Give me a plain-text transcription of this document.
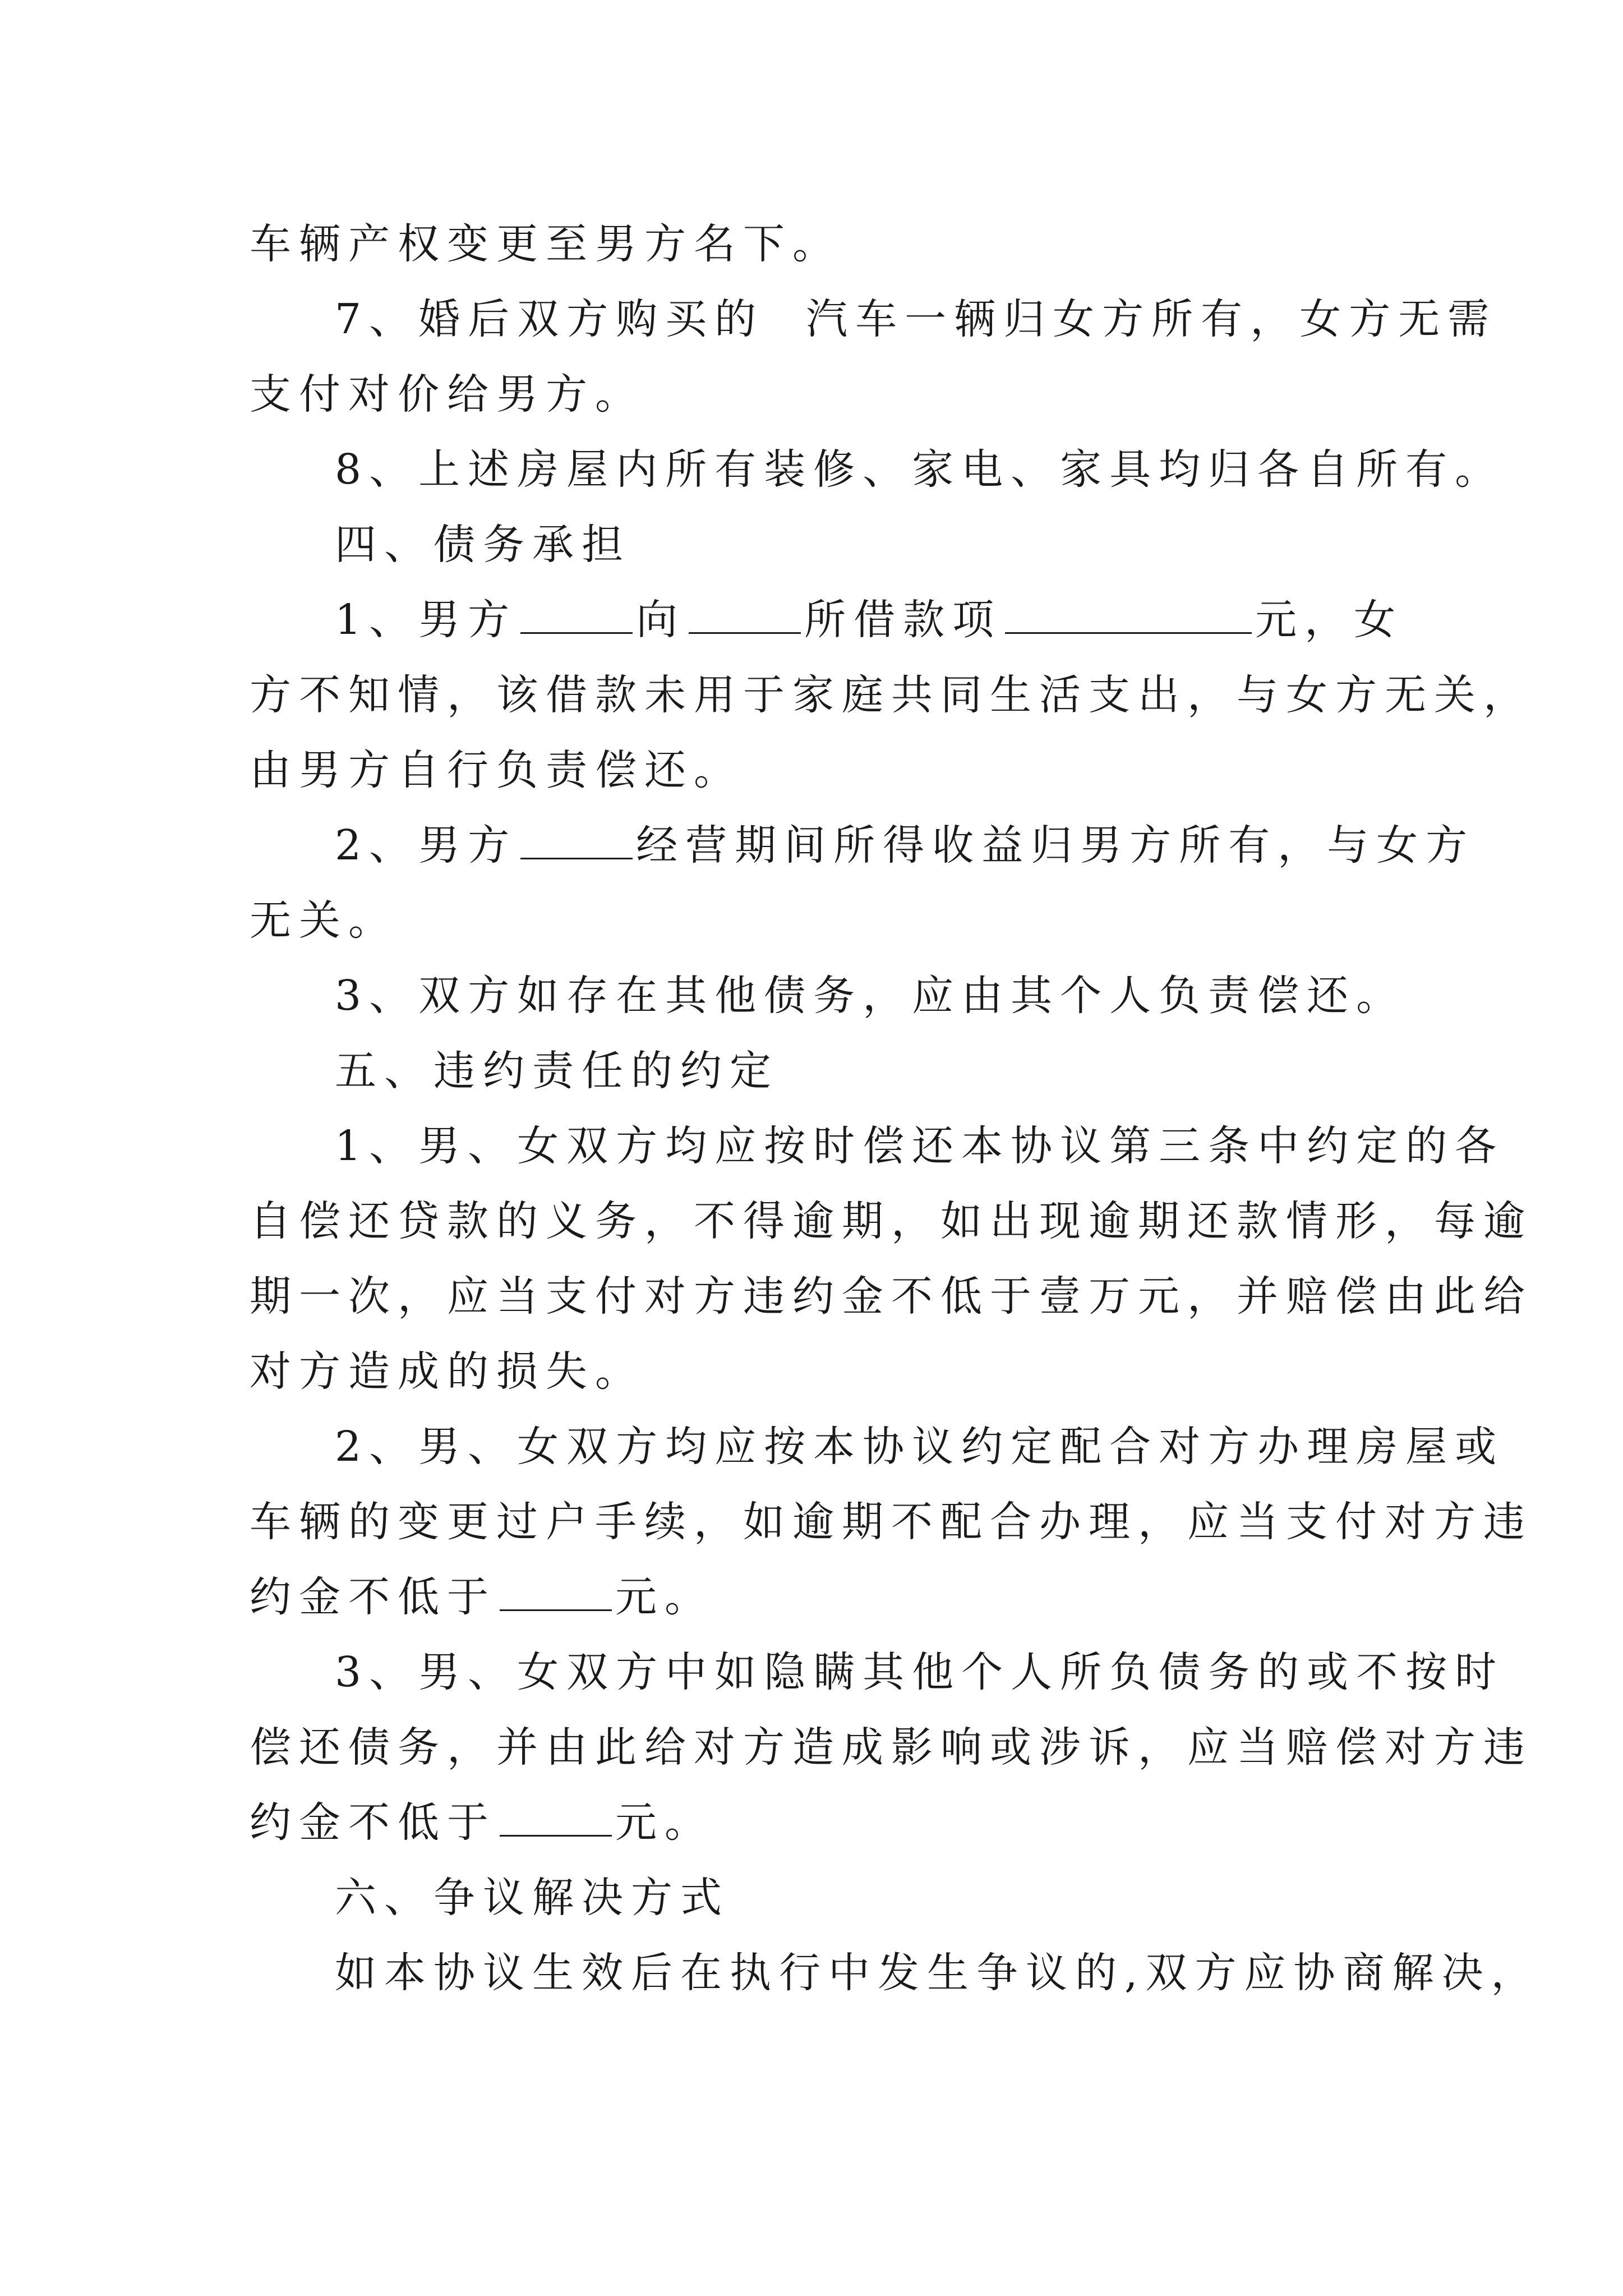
车辆产权变更至男方名下。
7、婚后双方购买的  汽车一辆归女方所有，女方无需
支付对价给男方。
8、上述房屋内所有装修、家电、家具均归各自所有。
四、债务承担
1、男方	向	所借款项	元，女
方不知情，该借款未用于家庭共同生活支出，与女方无关，
由男方自行负责偿还。
2、男方	经营期间所得收益归男方所有，与女方
无关。
3、双方如存在其他债务，应由其个人负责偿还。
五、违约责任的约定
1、男、女双方均应按时偿还本协议第三条中约定的各
自偿还贷款的义务，不得逾期，如出现逾期还款情形，每逾
期一次，应当支付对方违约金不低于壹万元，并赔偿由此给
对方造成的损失。
2、男、女双方均应按本协议约定配合对方办理房屋或
车辆的变更过户手续，如逾期不配合办理，应当支付对方违
约金不低于	元。
3、男、女双方中如隐瞒其他个人所负债务的或不按时
偿还债务，并由此给对方造成影响或涉诉，应当赔偿对方违
约金不低于	元。
六、争议解决方式
如本协议生效后在执行中发生争议的,双方应协商解决，
